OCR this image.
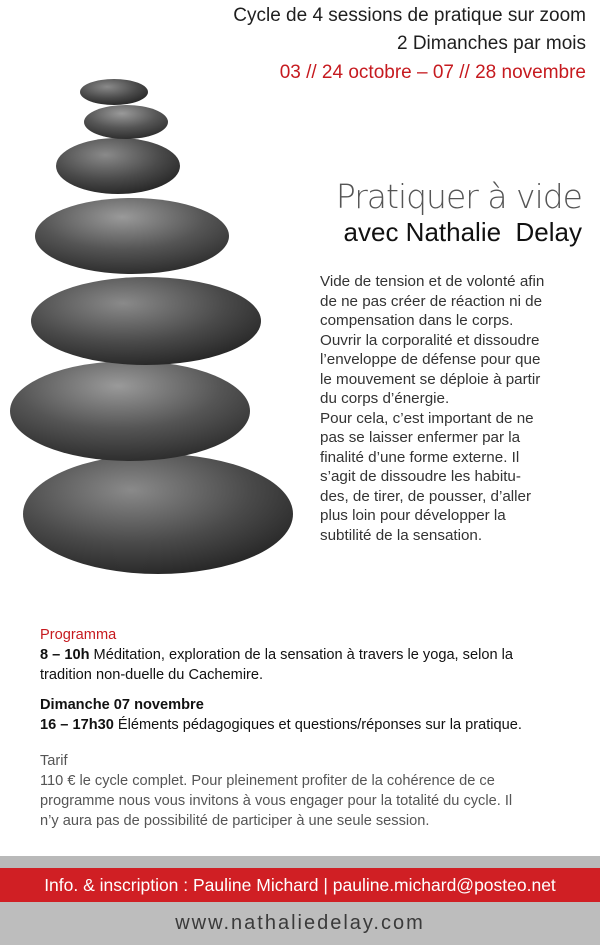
Cycle de 4 sessions de pratique sur zoom
2 Dimanches par mois
03 // 24 octobre – 07 // 28 novembre
Pratiquer à vide
avec Nathalie  Delay

Vide de tension et de volonté afin

de ne pas créer de réaction ni de

compensation dans le corps.

Ouvrir la corporalité et dissoudre

l’enveloppe de défense pour que

le mouvement se déploie à partir

du corps d’énergie.

Pour cela, c’est important de ne

pas se laisser enfermer par la

finalité d’une forme externe. Il

s’agit de dissoudre les habitu-

des, de tirer, de pousser, d’aller

plus loin pour développer la

subtilité de la sensation.

Programma

8 – 10h Méditation, exploration de la sensation à travers le yoga, selon la

tradition non-duelle du Cachemire.

Dimanche 07 novembre

16 – 17h30 Éléments pédagogiques et questions/réponses sur la pratique.

Tarif

110 € le cycle complet. Pour pleinement profiter de la cohérence de ce

programme nous vous invitons à vous engager pour la totalité du cycle. Il

n’y aura pas de possibilité de participer à une seule session.

Info. & inscription : Pauline Michard | pauline.michard@posteo.net
www.nathaliedelay.com
